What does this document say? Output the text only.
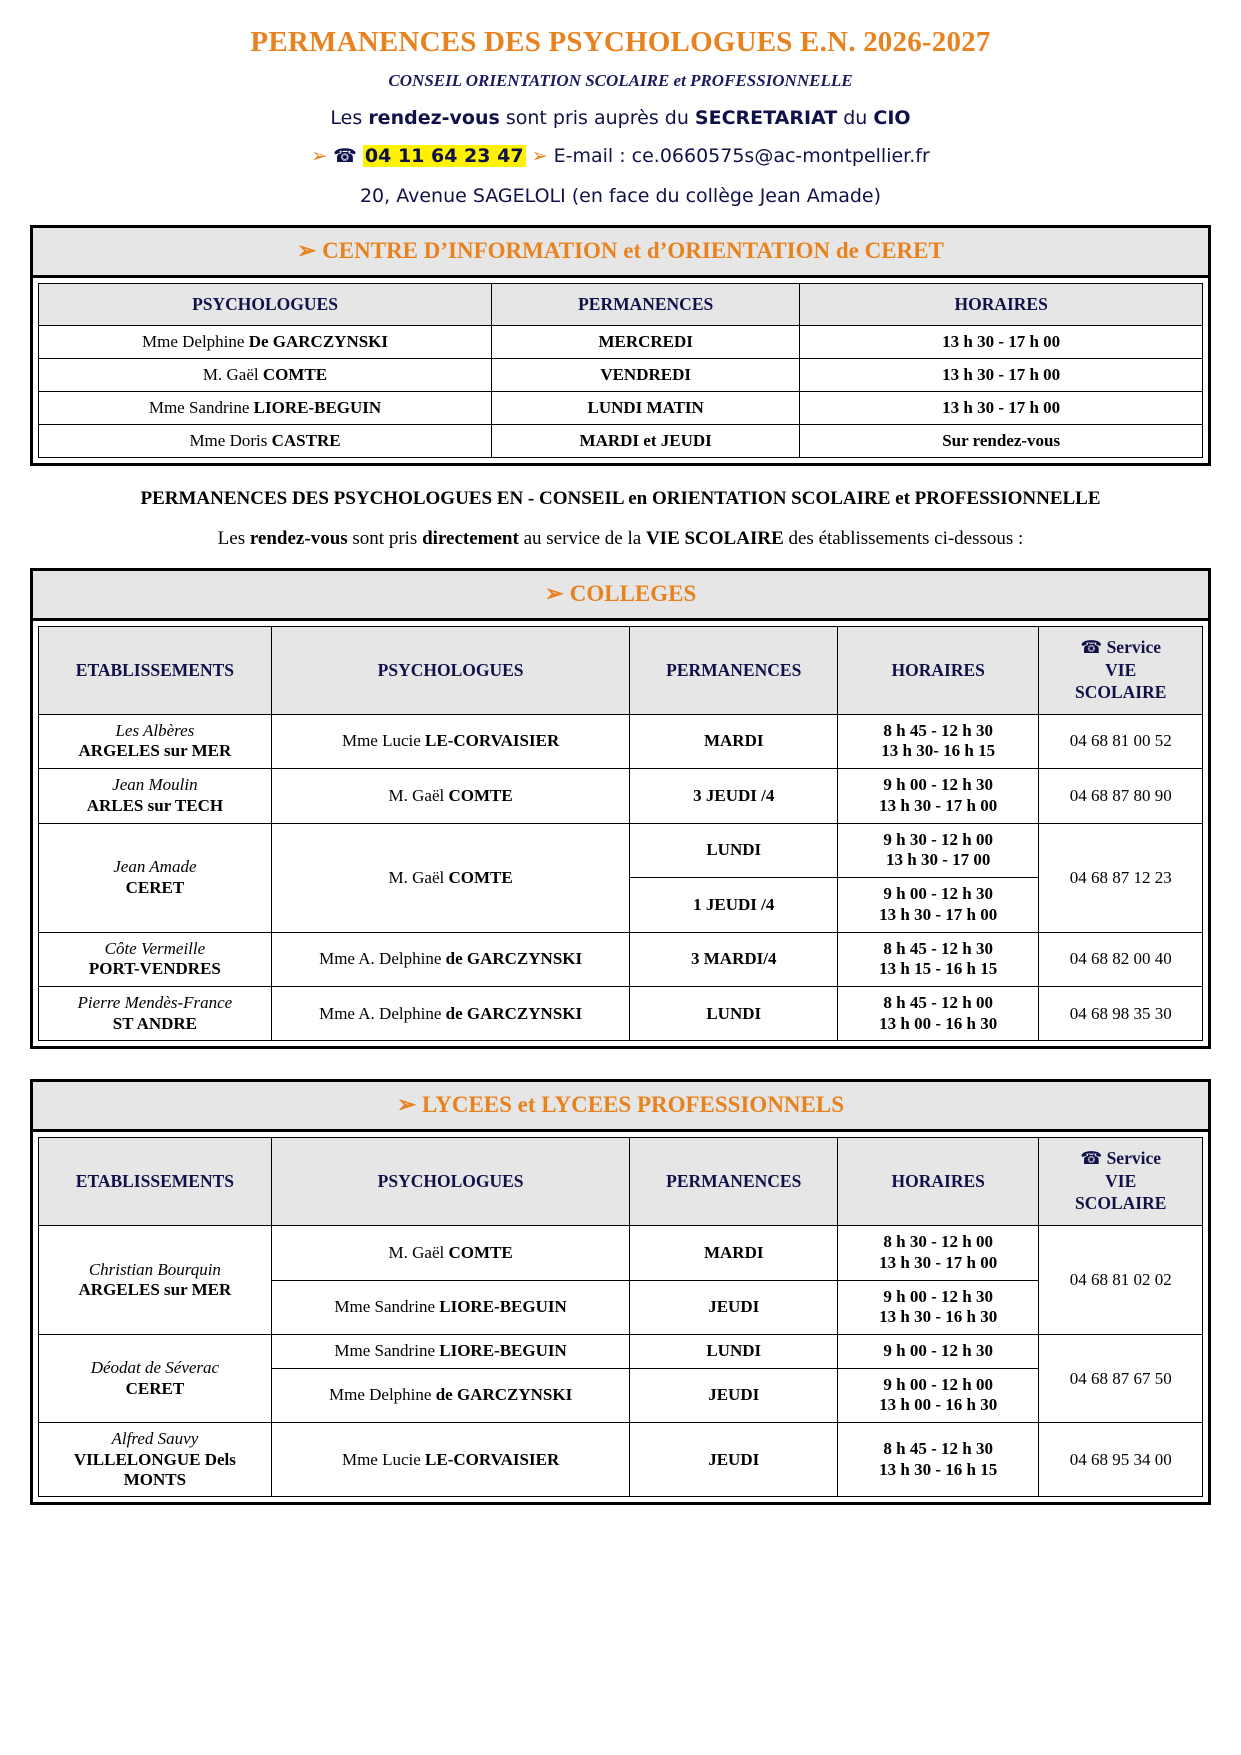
PERMANENCES DES PSYCHOLOGUES E.N. 2026-2027
CONSEIL ORIENTATION SCOLAIRE et PROFESSIONNELLE
Les rendez-vous sont pris auprès du SECRETARIAT du CIO
➢ ☎ 04 11 64 23 47 ➢ E-mail : ce.0660575s@ac-montpellier.fr
20, Avenue SAGELOLI (en face du collège Jean Amade)
➢ CENTRE D’INFORMATION et d’ORIENTATION de CERET
PSYCHOLOGUES	PERMANENCES	HORAIRES
Mme Delphine De GARCZYNSKI	MERCREDI	13 h 30 - 17 h 00
M. Gaël COMTE	VENDREDI	13 h 30 - 17 h 00
Mme Sandrine LIORE-BEGUIN	LUNDI MATIN	13 h 30 - 17 h 00
Mme Doris CASTRE	MARDI et JEUDI	Sur rendez-vous
PERMANENCES DES PSYCHOLOGUES EN - CONSEIL en ORIENTATION SCOLAIRE et PROFESSIONNELLE
Les rendez-vous sont pris directement au service de la VIE SCOLAIRE des établissements ci-dessous :
➢ COLLEGES
ETABLISSEMENTS	PSYCHOLOGUES	PERMANENCES	HORAIRES	☎ Service
VIE
SCOLAIRE
Les Albères
ARGELES sur MER	Mme Lucie LE-CORVAISIER	MARDI	8 h 45 - 12 h 30
13 h 30- 16 h 15	04 68 81 00 52
Jean Moulin
ARLES sur TECH	M. Gaël COMTE	3 JEUDI /4	9 h 00 - 12 h 30
13 h 30 - 17 h 00	04 68 87 80 90
Jean Amade
CERET	M. Gaël COMTE	LUNDI	9 h 30 - 12 h 00
13 h 30 - 17 00	04 68 87 12 23
		1 JEUDI /4	9 h 00 - 12 h 30
13 h 30 - 17 h 00	
Côte Vermeille
PORT-VENDRES	Mme A. Delphine de GARCZYNSKI	3 MARDI/4	8 h 45 - 12 h 30
13 h 15 - 16 h 15	04 68 82 00 40
Pierre Mendès-France
ST ANDRE	Mme A. Delphine de GARCZYNSKI	LUNDI	8 h 45 - 12 h 00
13 h 00 - 16 h 30	04 68 98 35 30
➢ LYCEES et LYCEES PROFESSIONNELS
ETABLISSEMENTS	PSYCHOLOGUES	PERMANENCES	HORAIRES	☎ Service
VIE
SCOLAIRE
Christian Bourquin
ARGELES sur MER	M. Gaël COMTE	MARDI	8 h 30 - 12 h 00
13 h 30 - 17 h 00	04 68 81 02 02
	Mme Sandrine LIORE-BEGUIN	JEUDI	9 h 00 - 12 h 30
13 h 30 - 16 h 30	
Déodat de Séverac
CERET	Mme Sandrine LIORE-BEGUIN	LUNDI	9 h 00 - 12 h 30	04 68 87 67 50
	Mme Delphine de GARCZYNSKI	JEUDI	9 h 00 - 12 h 00
13 h 00 - 16 h 30	
Alfred Sauvy
VILLELONGUE Dels MONTS	Mme Lucie LE-CORVAISIER	JEUDI	8 h 45 - 12 h 30
13 h 30 - 16 h 15	04 68 95 34 00
